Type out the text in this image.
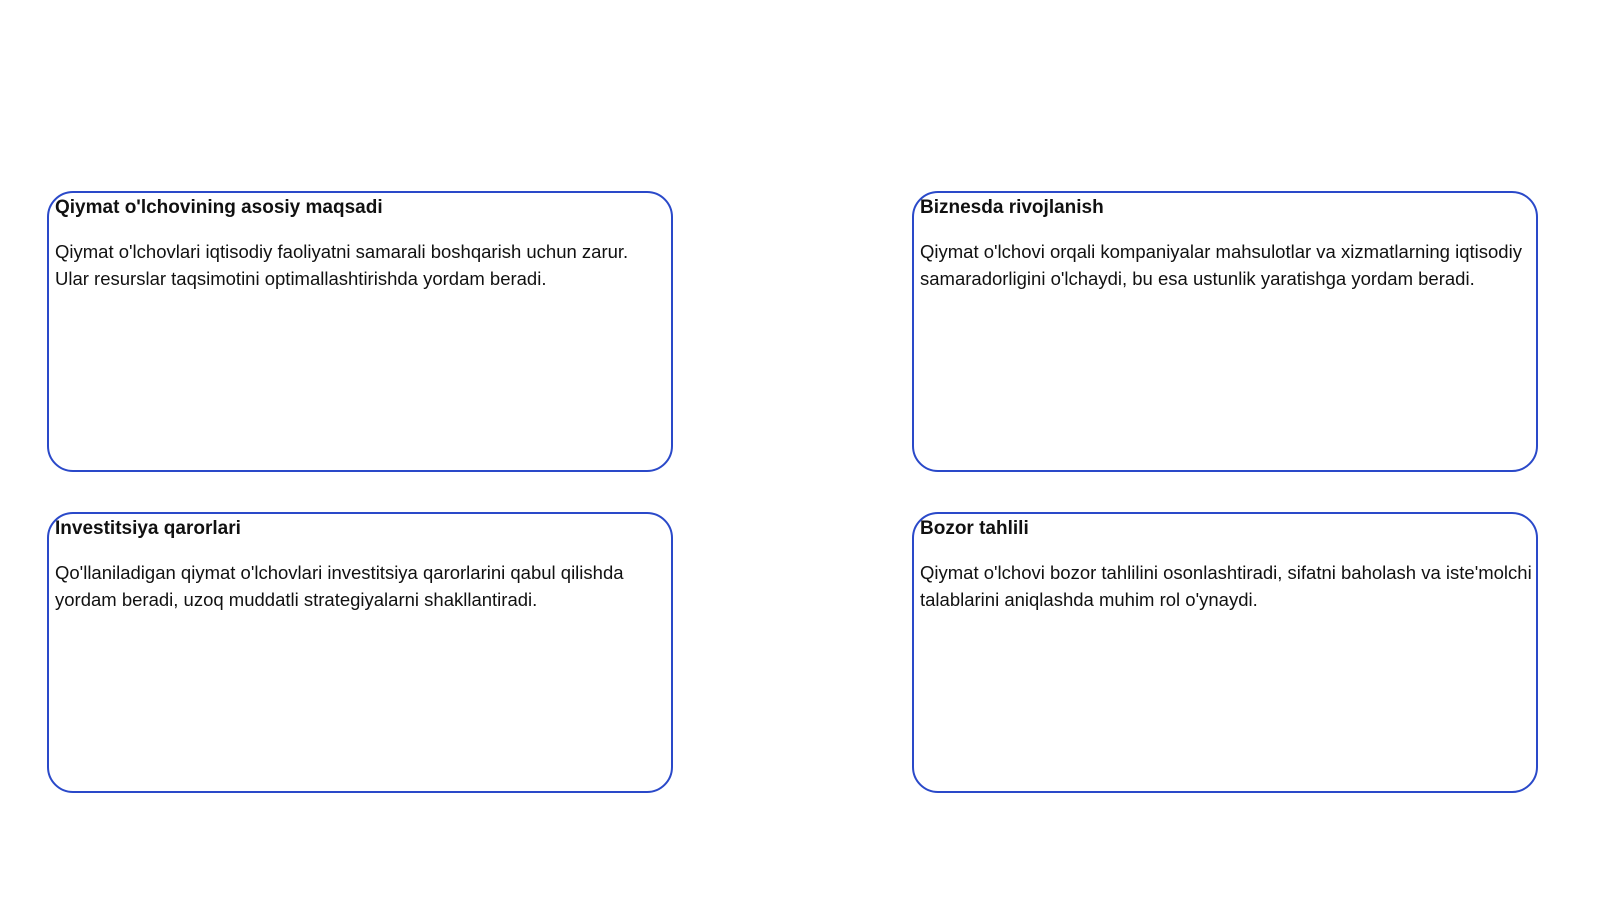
Qiymat o'lchovining asosiy maqsadi

Qiymat o'lchovlari iqtisodiy faoliyatni samarali boshqarish uchun zarur. Ular resurslar taqsimotini optimallashtirishda yordam beradi.

Biznesda rivojlanish

Qiymat o'lchovi orqali kompaniyalar mahsulotlar va xizmatlarning iqtisodiy samaradorligini o'lchaydi, bu esa ustunlik yaratishga yordam beradi.

Investitsiya qarorlari

Qo'llaniladigan qiymat o'lchovlari investitsiya qarorlarini qabul qilishda yordam beradi, uzoq muddatli strategiyalarni shakllantiradi.

Bozor tahlili

Qiymat o'lchovi bozor tahlilini osonlashtiradi, sifatni baholash va iste'molchi talablarini aniqlashda muhim rol o'ynaydi.
